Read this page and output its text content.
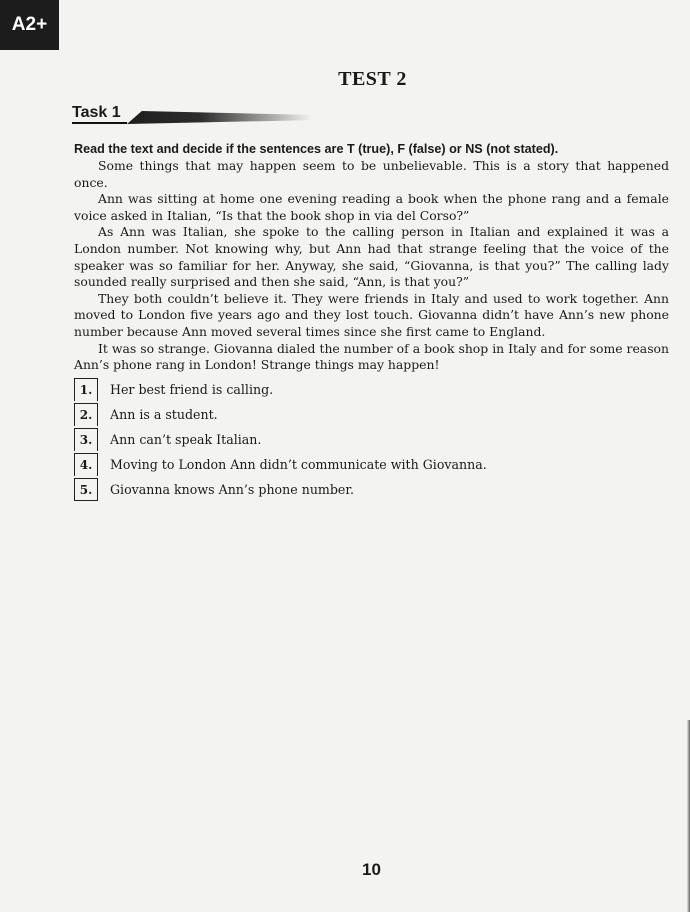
A2+
TEST 2
Task 1
Read the text and decide if the sentences are T (true), F (false) or NS (not stated).

Some things that may happen seem to be unbelievable. This is a story that happened once.

Ann was sitting at home one evening reading a book when the phone rang and a female voice asked in Italian, “Is that the book shop in via del Corso?”

As Ann was Italian, she spoke to the calling person in Italian and explained it was a London number. Not knowing why, but Ann had that strange feeling that the voice of the speaker was so familiar for her. Anyway, she said, “Giovanna, is that you?” The calling lady sounded really surprised and then she said, “Ann, is that you?”

They both couldn’t believe it. They were friends in Italy and used to work together. Ann moved to London five years ago and they lost touch. Giovanna didn’t have Ann’s new phone number because Ann moved several times since she first came to England.

It was so strange. Giovanna dialed the number of a book shop in Italy and for some reason Ann’s phone rang in London! Strange things may happen!

1.	Her best friend is calling.
2.	Ann is a student.
3.	Ann can’t speak Italian.
4.	Moving to London Ann didn’t communicate with Giovanna.
5.	Giovanna knows Ann’s phone number.
10
